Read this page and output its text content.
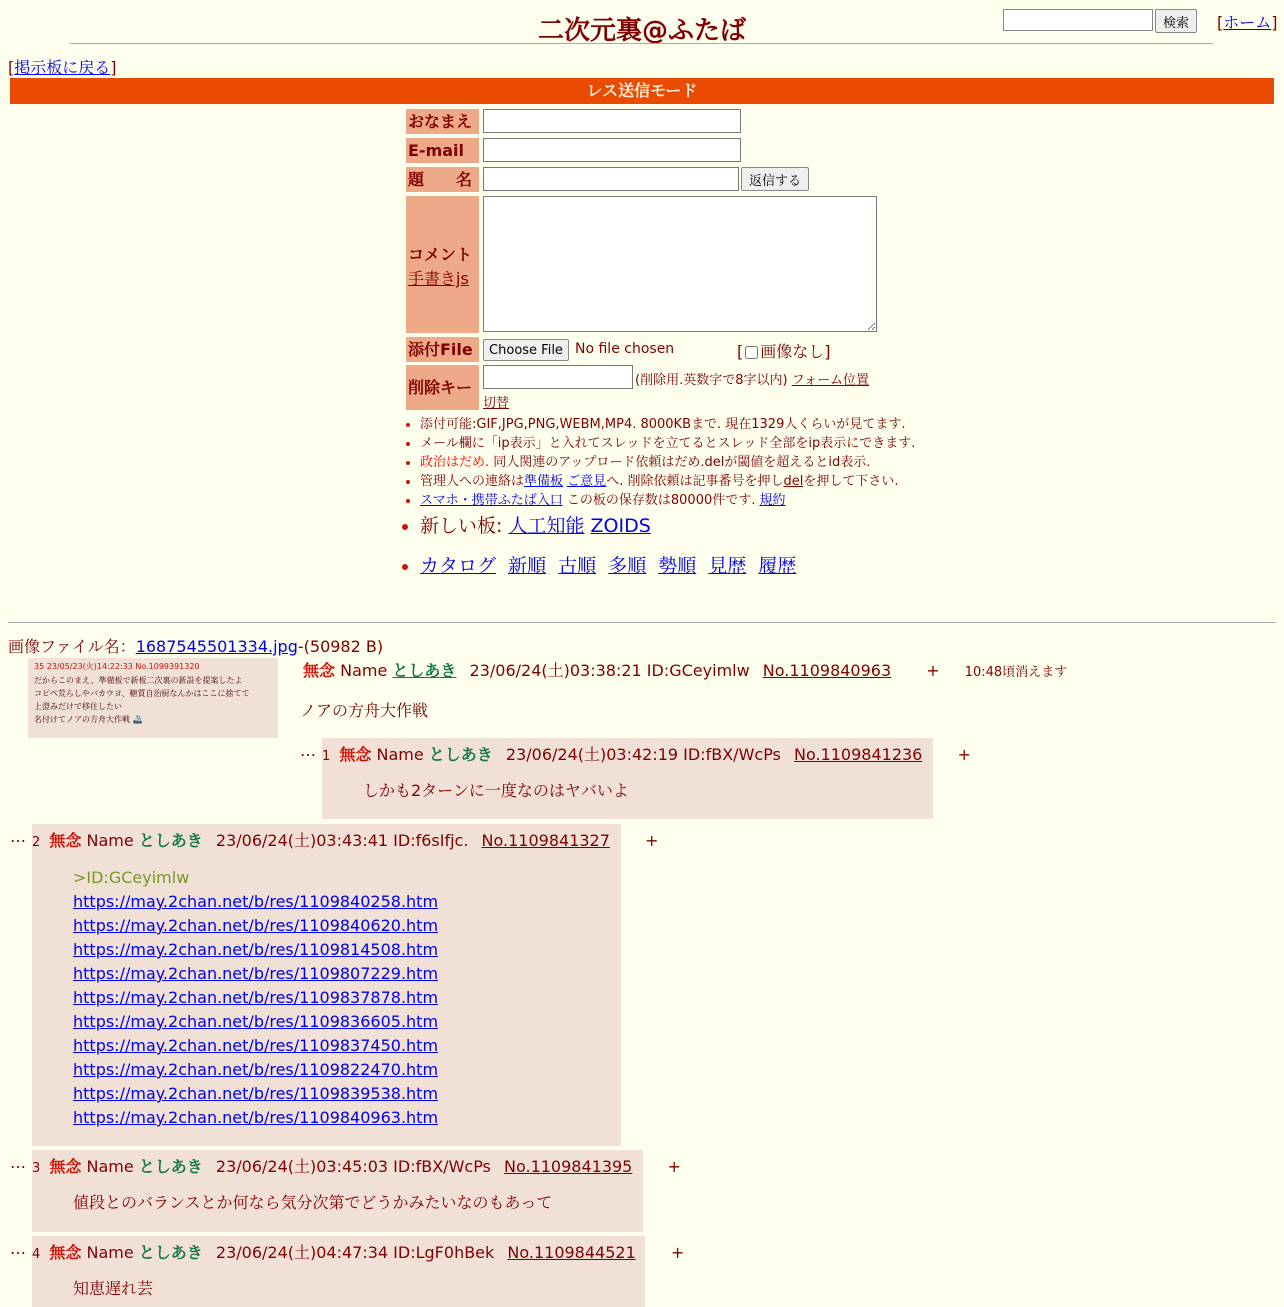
二次元裏@ふたば	検索	[ホーム]
[掲示板に戻る]
レス送信モード
おなまえ
E-mail
題　　名	返信する
コメント
手書きjs
添付File	Choose File No file chosen	[ 画像なし]
削除キー	(削除用.英数字で8字以内) フォーム位置
切替
• 添付可能:GIF,JPG,PNG,WEBM,MP4. 8000KBまで. 現在1329人くらいが見てます.
• メール欄に「ip表示」と入れてスレッドを立てるとスレッド全部をip表示にできます.
• 政治はだめ. 同人関連のアップロード依頼はだめ.delが閾値を超えるとid表示.
• 管理人への連絡は準備板 ご意見へ. 削除依頼は記事番号を押しdelを押して下さい.
• スマホ・携帯ふたば入口 この板の保存数は80000件です. 規約
• 新しい板: 人工知能 ZOIDS
• カタログ 新順 古順 多順 勢順 見歴 履歴
画像ファイル名：1687545501334.jpg-(50982 B)
35 23/05/23(火)14:22:33 No.1099391320
だからこのまえ、準備板で新板二次裏の新設を提案したよ
コピペ荒らしやバカウヨ、糖質自治厨なんかはここに捨てて
上澄みだけで移住したい
名付けてノアの方舟大作戦 🚢
無念 Name としあき 23/06/24(土)03:38:21 ID:GCeyimlw No.1109840963 + 10:48頃消えます
ノアの方舟大作戦
… 1 無念 Name としあき 23/06/24(土)03:42:19 ID:fBX/WcPs No.1109841236 +
しかも2ターンに一度なのはヤバいよ
… 2 無念 Name としあき 23/06/24(土)03:43:41 ID:f6sIfjc. No.1109841327 +
>ID:GCeyimlw
https://may.2chan.net/b/res/1109840258.htm
https://may.2chan.net/b/res/1109840620.htm
https://may.2chan.net/b/res/1109814508.htm
https://may.2chan.net/b/res/1109807229.htm
https://may.2chan.net/b/res/1109837878.htm
https://may.2chan.net/b/res/1109836605.htm
https://may.2chan.net/b/res/1109837450.htm
https://may.2chan.net/b/res/1109822470.htm
https://may.2chan.net/b/res/1109839538.htm
https://may.2chan.net/b/res/1109840963.htm
… 3 無念 Name としあき 23/06/24(土)03:45:03 ID:fBX/WcPs No.1109841395 +
値段とのバランスとか何なら気分次第でどうかみたいなのもあって
… 4 無念 Name としあき 23/06/24(土)04:47:34 ID:LgF0hBek No.1109844521 +
知恵遅れ芸
